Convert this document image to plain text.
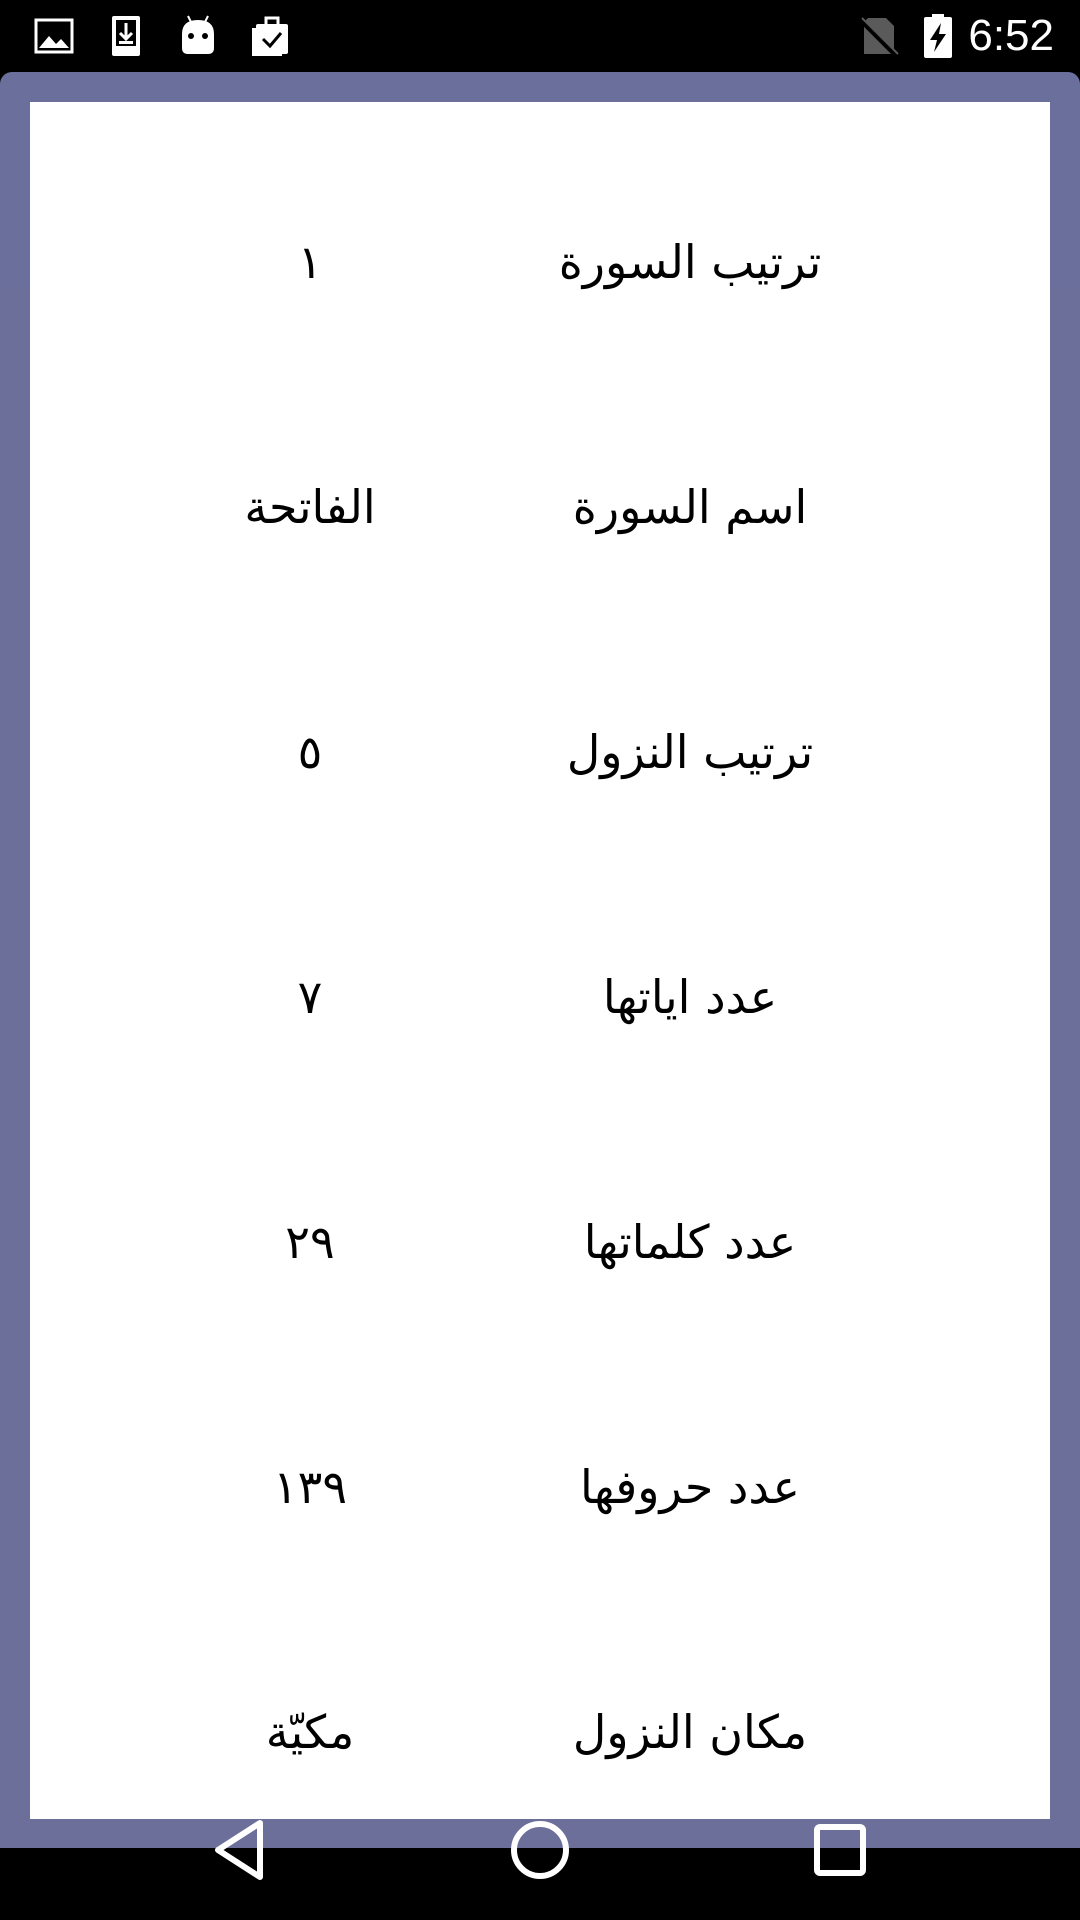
6:52
ترتيب السورة
١
اسم السورة
الفاتحة
ترتيب النزول
٥
عدد اياتها
٧
عدد كلماتها
٢٩
عدد حروفها
١٣٩
مكان النزول
مكيّة
